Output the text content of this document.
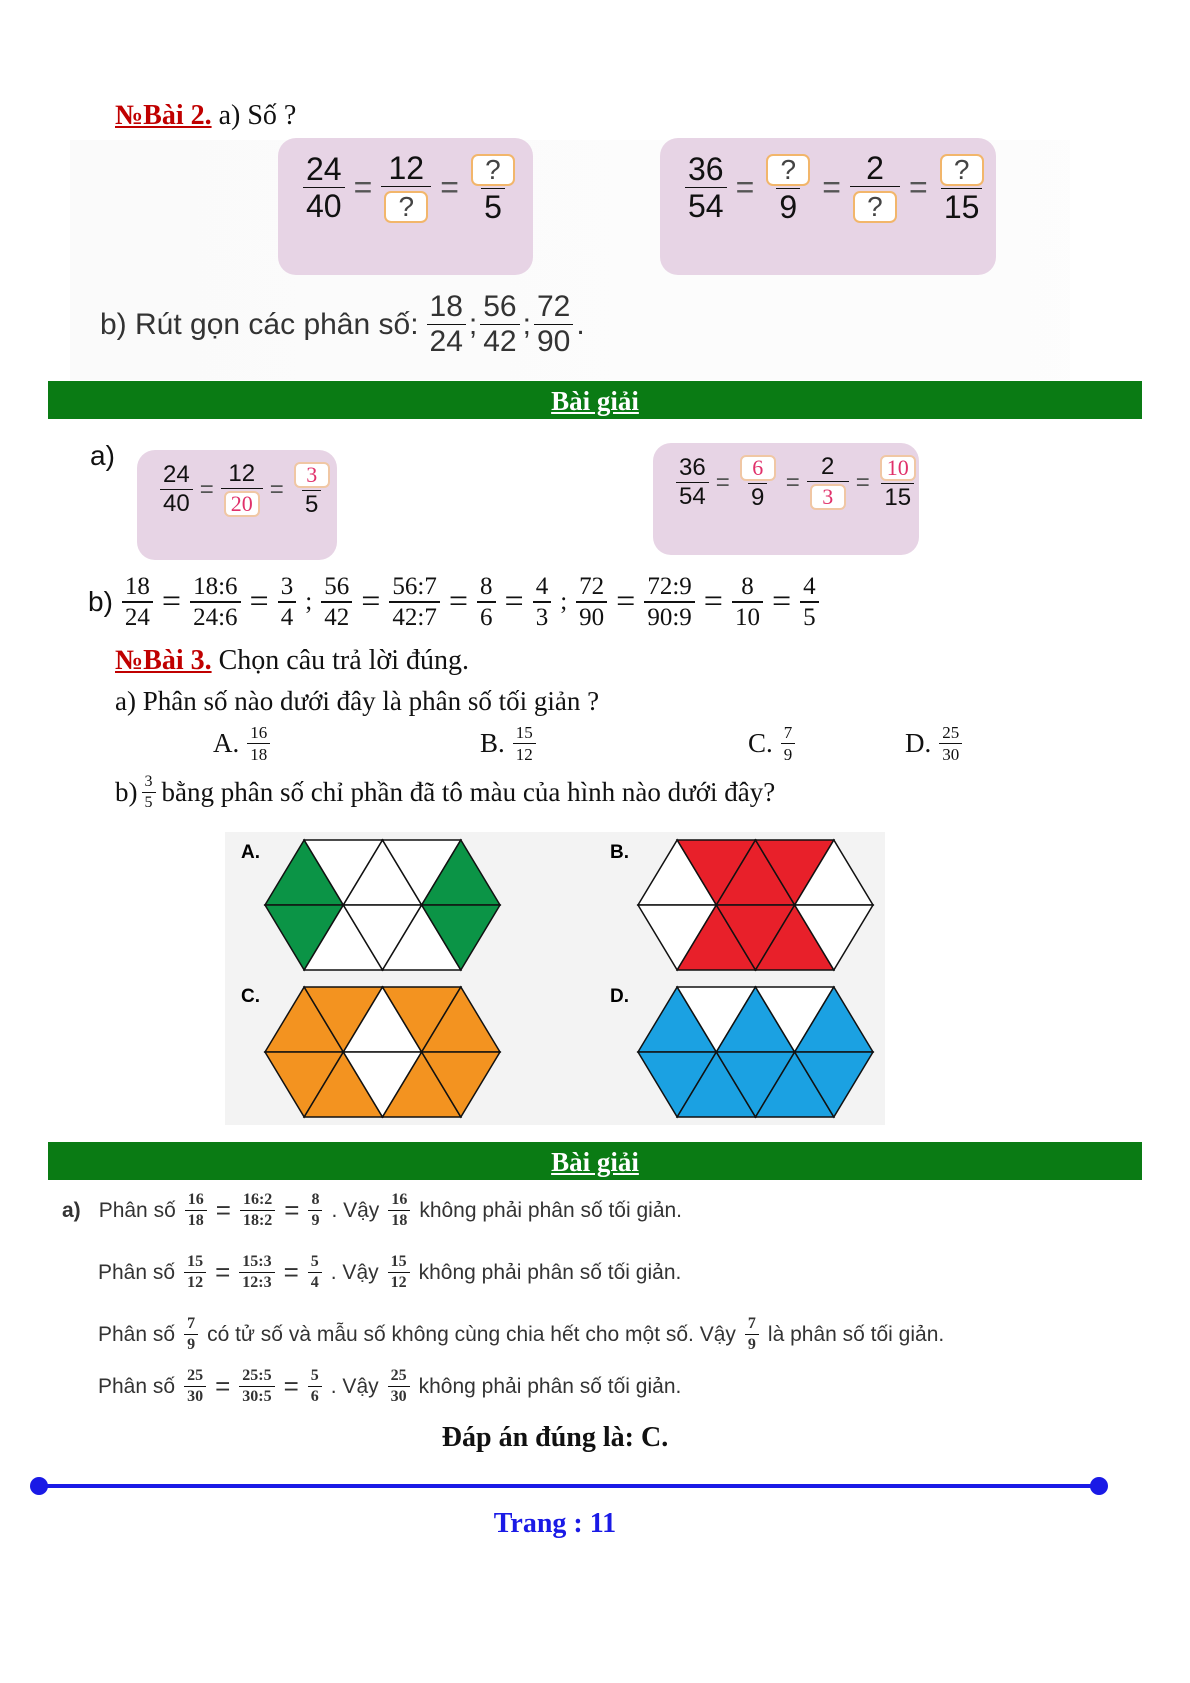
№Bài 2. a) Số ?
$\frac{24}{40} = \frac{12}{?} = \frac{?}{5}$	$\frac{36}{54} = \frac{?}{9} = \frac{2}{?} = \frac{?}{15}$
b) Rút gọn các phân số: $\frac{18}{24}$ ; $\frac{56}{42}$ ; $\frac{72}{90}$ .
Bài giải
a)
$\frac{24}{40} = \frac{12}{20} = \frac{3}{5}$	$\frac{36}{54} = \frac{6}{9} = \frac{2}{3} = \frac{10}{15}$
$b) \frac{18}{24} = \frac{18:6}{24:6} = \frac{3}{4}$ ; $\frac{56}{42} = \frac{56:7}{42:7} = \frac{8}{6} = \frac{4}{3}$ ; $\frac{72}{90} = \frac{72:9}{90:9} = \frac{8}{10} = \frac{4}{5}$
№Bài 3. Chọn câu trả lời đúng.
a) Phân số nào dưới đây là phân số tối giản ?
A. $\frac{16}{18}$	B. $\frac{15}{12}$	C. $\frac{7}{9}$	D. $\frac{25}{30}$
$b) \frac{3}{5}$ bằng phân số chỉ phần đã tô màu của hình nào dưới đây?
A.	B.
C.	D.
Bài giải
a) Phân số $\frac{16}{18} = \frac{16:2}{18:2} = \frac{8}{9}$ . Vậy $\frac{16}{18}$ không phải phân số tối giản.
Phân số $\frac{15}{12} = \frac{15:3}{12:3} = \frac{5}{4}$ . Vậy $\frac{15}{12}$ không phải phân số tối giản.
Phân số $\frac{7}{9}$ có tử số và mẫu số không cùng chia hết cho một số. Vậy $\frac{7}{9}$ là phân số tối giản.
Phân số $\frac{25}{30} = \frac{25:5}{30:5} = \frac{5}{6}$ . Vậy $\frac{25}{30}$ không phải phân số tối giản.
Đáp án đúng là: C.
Trang : 11
